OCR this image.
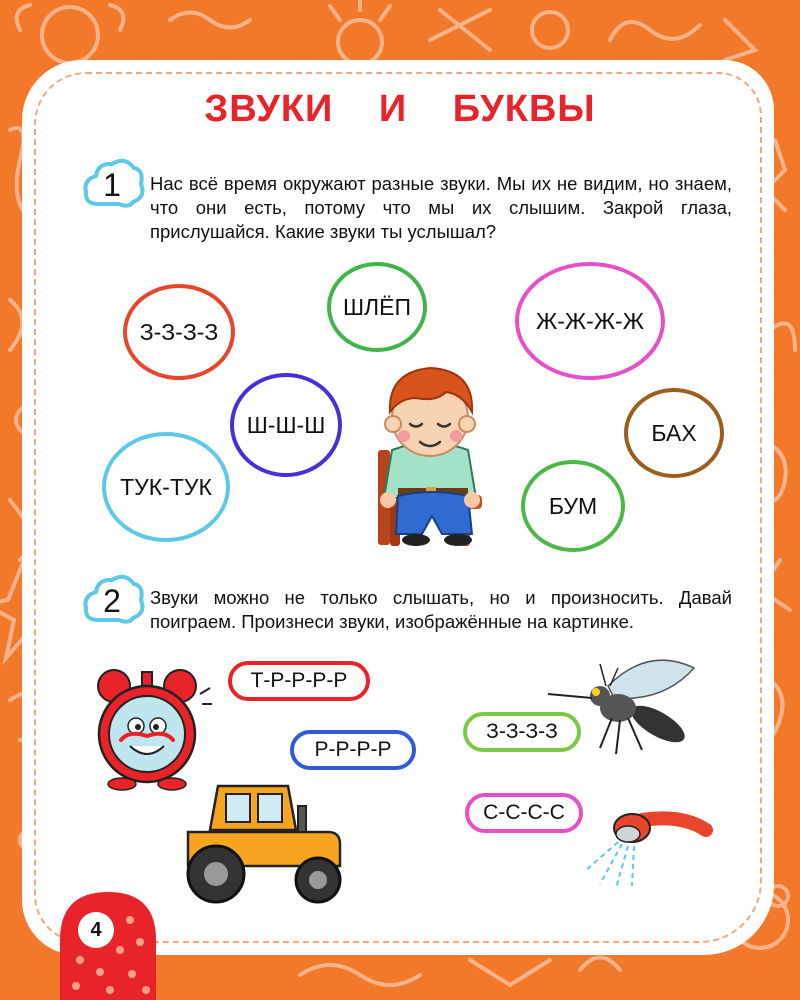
ЗВУКИ И БУКВЫ
1	Нас всё время окружают разные звуки. Мы их не видим, но знаем, что они есть, потому что мы их слышим. Закрой глаза, прислушайся. Какие звуки ты услышал?
З-З-З-З
ШЛЁП
Ж-Ж-Ж-Ж
Ш-Ш-Ш	БАХ
ТУК-ТУК
БУМ
2	Звуки можно не только слышать, но и произносить. Давай поиграем. Произнеси звуки, изображённые на картинке.
Т-Р-Р-Р-Р
Р-Р-Р-Р
З-З-З-З
С-С-С-С
4
